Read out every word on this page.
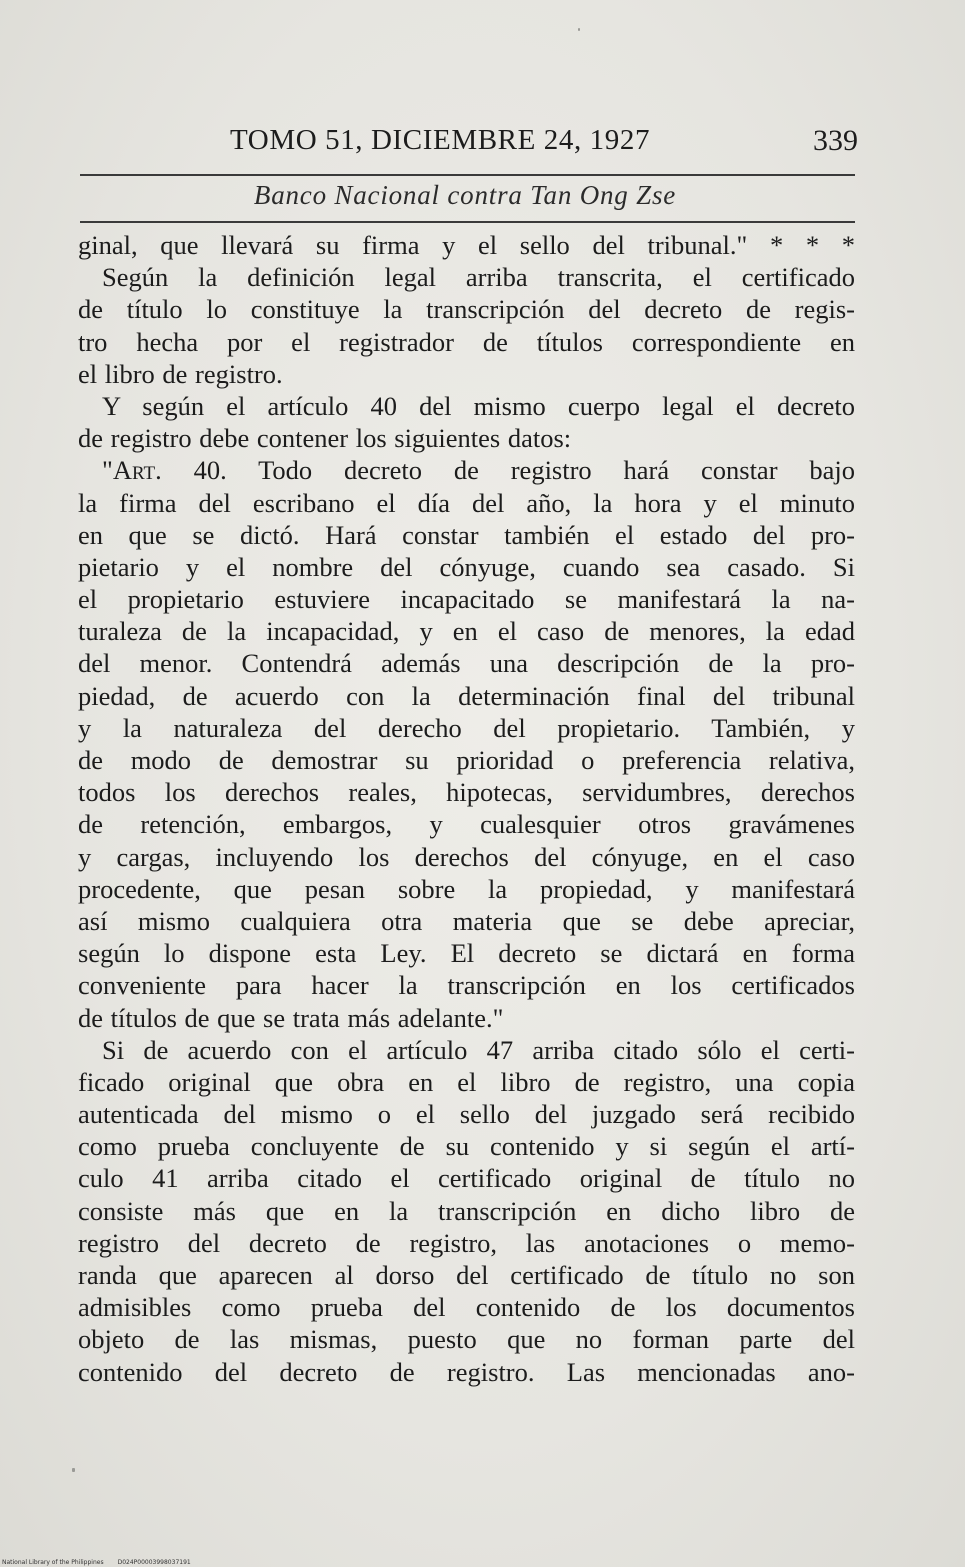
TOMO 51, DICIEMBRE 24, 1927	339
Banco Nacional contra Tan Ong Zse
ginal, que llevará su firma y el sello del tribunal." * * *
Según la definición legal arriba transcrita, el certificado
de título lo constituye la transcripción del decreto de regis-
tro hecha por el registrador de títulos correspondiente en
el libro de registro.
Y según el artículo 40 del mismo cuerpo legal el decreto
de registro debe contener los siguientes datos:
"Art. 40. Todo decreto de registro hará constar bajo
la firma del escribano el día del año, la hora y el minuto
en que se dictó. Hará constar también el estado del pro-
pietario y el nombre del cónyuge, cuando sea casado. Si
el propietario estuviere incapacitado se manifestará la na-
turaleza de la incapacidad, y en el caso de menores, la edad
del menor. Contendrá además una descripción de la pro-
piedad, de acuerdo con la determinación final del tribunal
y la naturaleza del derecho del propietario. También, y
de modo de demostrar su prioridad o preferencia relativa,
todos los derechos reales, hipotecas, servidumbres, derechos
de retención, embargos, y cualesquier otros gravámenes
y cargas, incluyendo los derechos del cónyuge, en el caso
procedente, que pesan sobre la propiedad, y manifestará
así mismo cualquiera otra materia que se debe apreciar,
según lo dispone esta Ley. El decreto se dictará en forma
conveniente para hacer la transcripción en los certificados
de títulos de que se trata más adelante."
Si de acuerdo con el artículo 47 arriba citado sólo el certi-
ficado original que obra en el libro de registro, una copia
autenticada del mismo o el sello del juzgado será recibido
como prueba concluyente de su contenido y si según el artí-
culo 41 arriba citado el certificado original de título no
consiste más que en la transcripción en dicho libro de
registro del decreto de registro, las anotaciones o memo-
randa que aparecen al dorso del certificado de título no son
admisibles como prueba del contenido de los documentos
objeto de las mismas, puesto que no forman parte del
contenido del decreto de registro. Las mencionadas ano-
National Library of the Philippines D024P00003998037191
